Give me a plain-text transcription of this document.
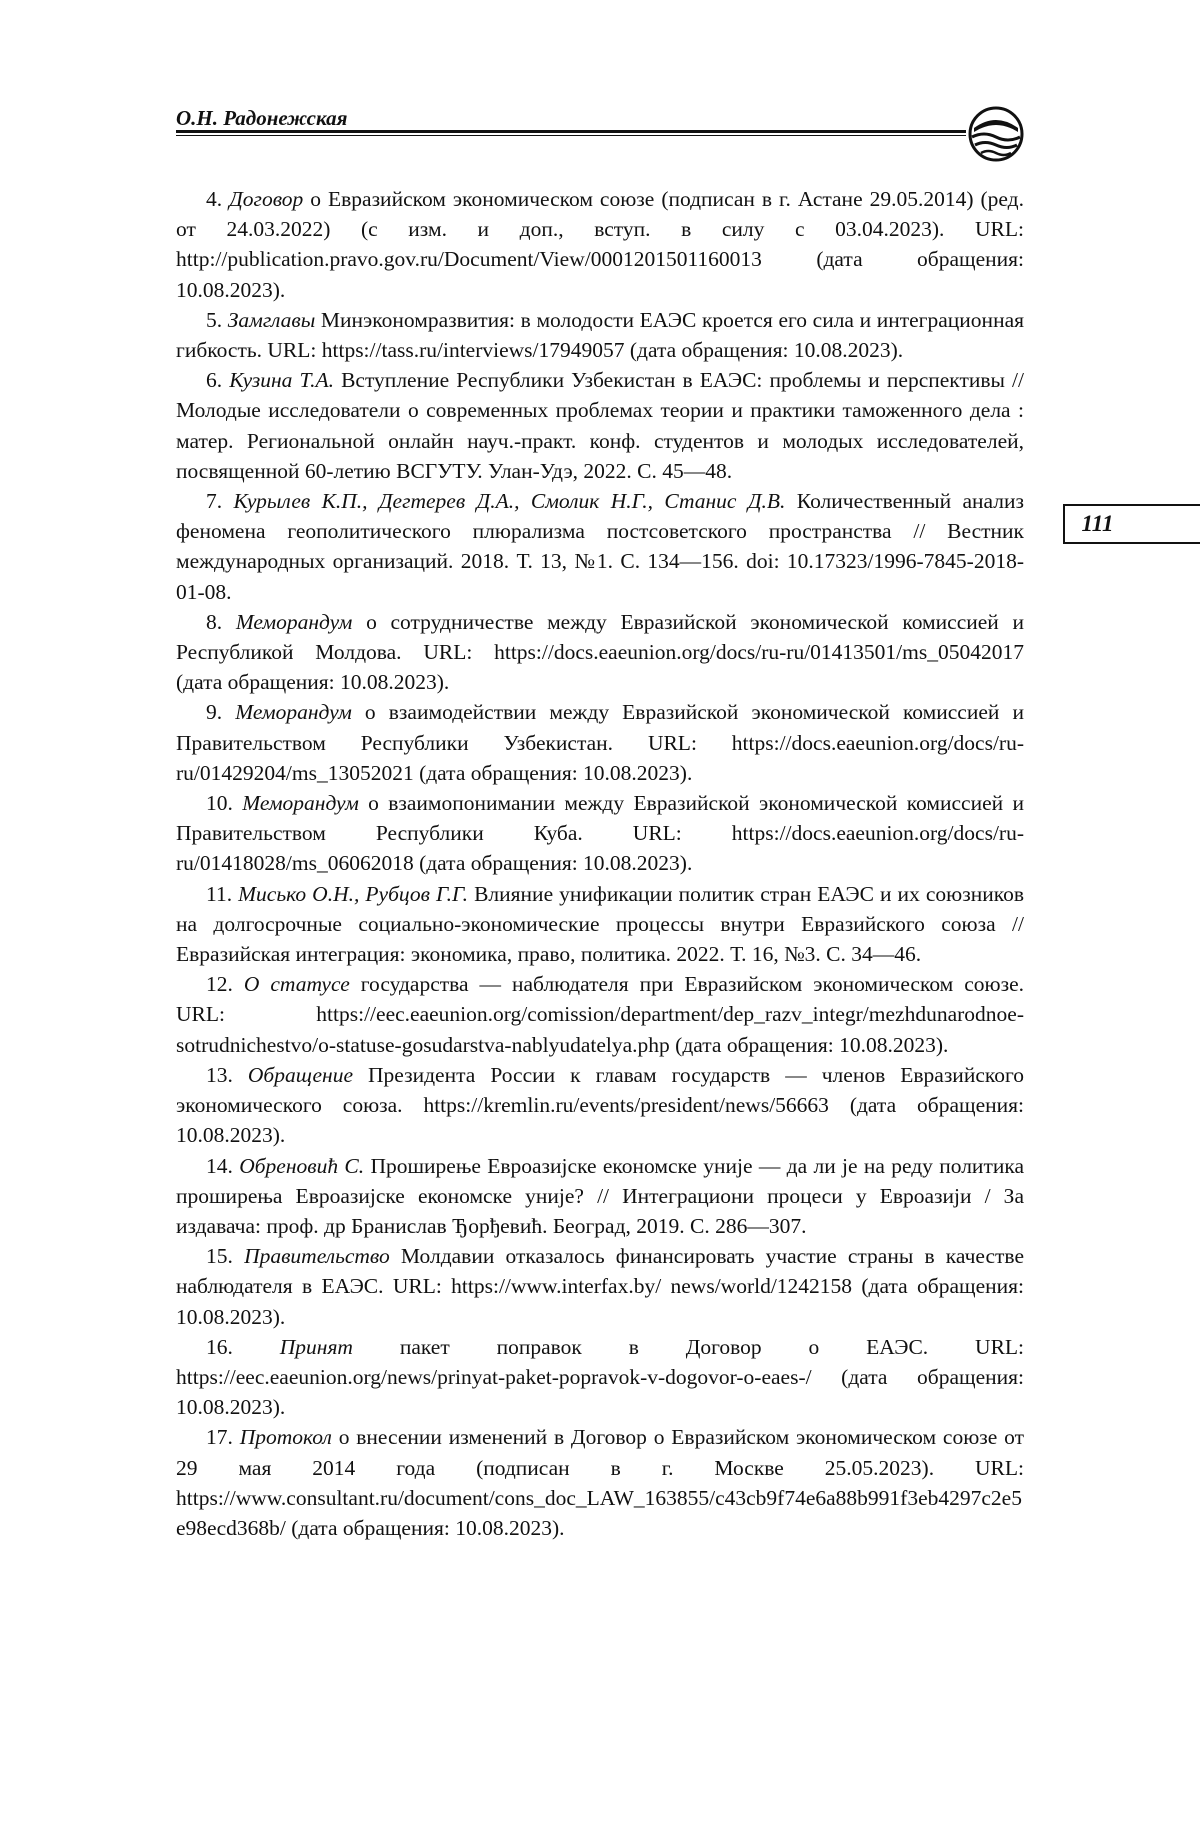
О.Н. Радонежская
111

4. Договор о Евразийском экономическом союзе (подписан в г. Астане 29.05.2014) (ред. от 24.03.2022) (с изм. и доп., вступ. в силу с 03.04.2023). URL: http://publication.pravo.gov.ru/Document/View/0001201501160013 (дата обращения: 10.08.2023).

5. Замглавы Минэкономразвития: в молодости ЕАЭС кроется его сила и интеграционная гибкость. URL: https://tass.ru/interviews/17949057 (дата обращения: 10.08.2023).

6. Кузина Т.А. Вступление Республики Узбекистан в ЕАЭС: проблемы и перспективы // Молодые исследователи о современных проблемах теории и практики таможенного дела : матер. Региональной онлайн науч.-практ. конф. студентов и молодых исследователей, посвященной 60-летию ВСГУТУ. Улан-Удэ, 2022. С. 45—48.

7. Курылев К.П., Дегтерев Д.А., Смолик Н.Г., Станис Д.В. Количественный анализ феномена геополитического плюрализма постсоветского пространства // Вестник международных организаций. 2018. Т. 13, №1. С. 134—156. doi: 10.17323/1996-7845-2018-01-08.

8. Меморандум о сотрудничестве между Евразийской экономической комиссией и Республикой Молдова. URL: https://docs.eaeunion.org/docs/ru-ru/01413501/ms_05042017 (дата обращения: 10.08.2023).

9. Меморандум о взаимодействии между Евразийской экономической комиссией и Правительством Республики Узбекистан. URL: https://docs.eaeunion.org/docs/ru-ru/01429204/ms_13052021 (дата обращения: 10.08.2023).

10. Меморандум о взаимопонимании между Евразийской экономической комиссией и Правительством Республики Куба. URL: https://docs.eaeunion.org/docs/ru-ru/01418028/ms_06062018 (дата обращения: 10.08.2023).

11. Мисько О.Н., Рубцов Г.Г. Влияние унификации политик стран ЕАЭС и их союзников на долгосрочные социально-экономические процессы внутри Евразийского союза // Евразийская интеграция: экономика, право, политика. 2022. Т. 16, №3. С. 34—46.

12. О статусе государства — наблюдателя при Евразийском экономическом союзе. URL: https://eec.eaeunion.org/comission/department/dep_razv_integr/mezhdunarodnoe-sotrudnichestvo/o-statuse-gosudarstva-nablyudatelya.php (дата обращения: 10.08.2023).

13. Обращение Президента России к главам государств — членов Евразийского экономического союза. https://kremlin.ru/events/president/news/56663 (дата обращения: 10.08.2023).

14. Обреновић С. Проширење Евроазијске економске уније — да ли је на реду политика проширења Евроазијске економске уније? // Интеграциони процеси у Евроазији / За издавача: проф. др Бранислав Ђорђевић. Београд, 2019. С. 286—307.

15. Правительство Молдавии отказалось финансировать участие страны в качестве наблюдателя в ЕАЭС. URL: https://www.interfax.by/ news/world/1242158 (дата обращения: 10.08.2023).

16. Принят пакет поправок в Договор о ЕАЭС. URL: https://eec.eaeunion.org/news/prinyat-paket-popravok-v-dogovor-o-eaes-/ (дата обращения: 10.08.2023).

17. Протокол о внесении изменений в Договор о Евразийском экономическом союзе от 29 мая 2014 года (подписан в г. Москве 25.05.2023). URL: https://www.consultant.ru/document/cons_doc_LAW_163855/c43cb9f74e6a88b991f3eb4297c2e5e98ecd368b/ (дата обращения: 10.08.2023).
